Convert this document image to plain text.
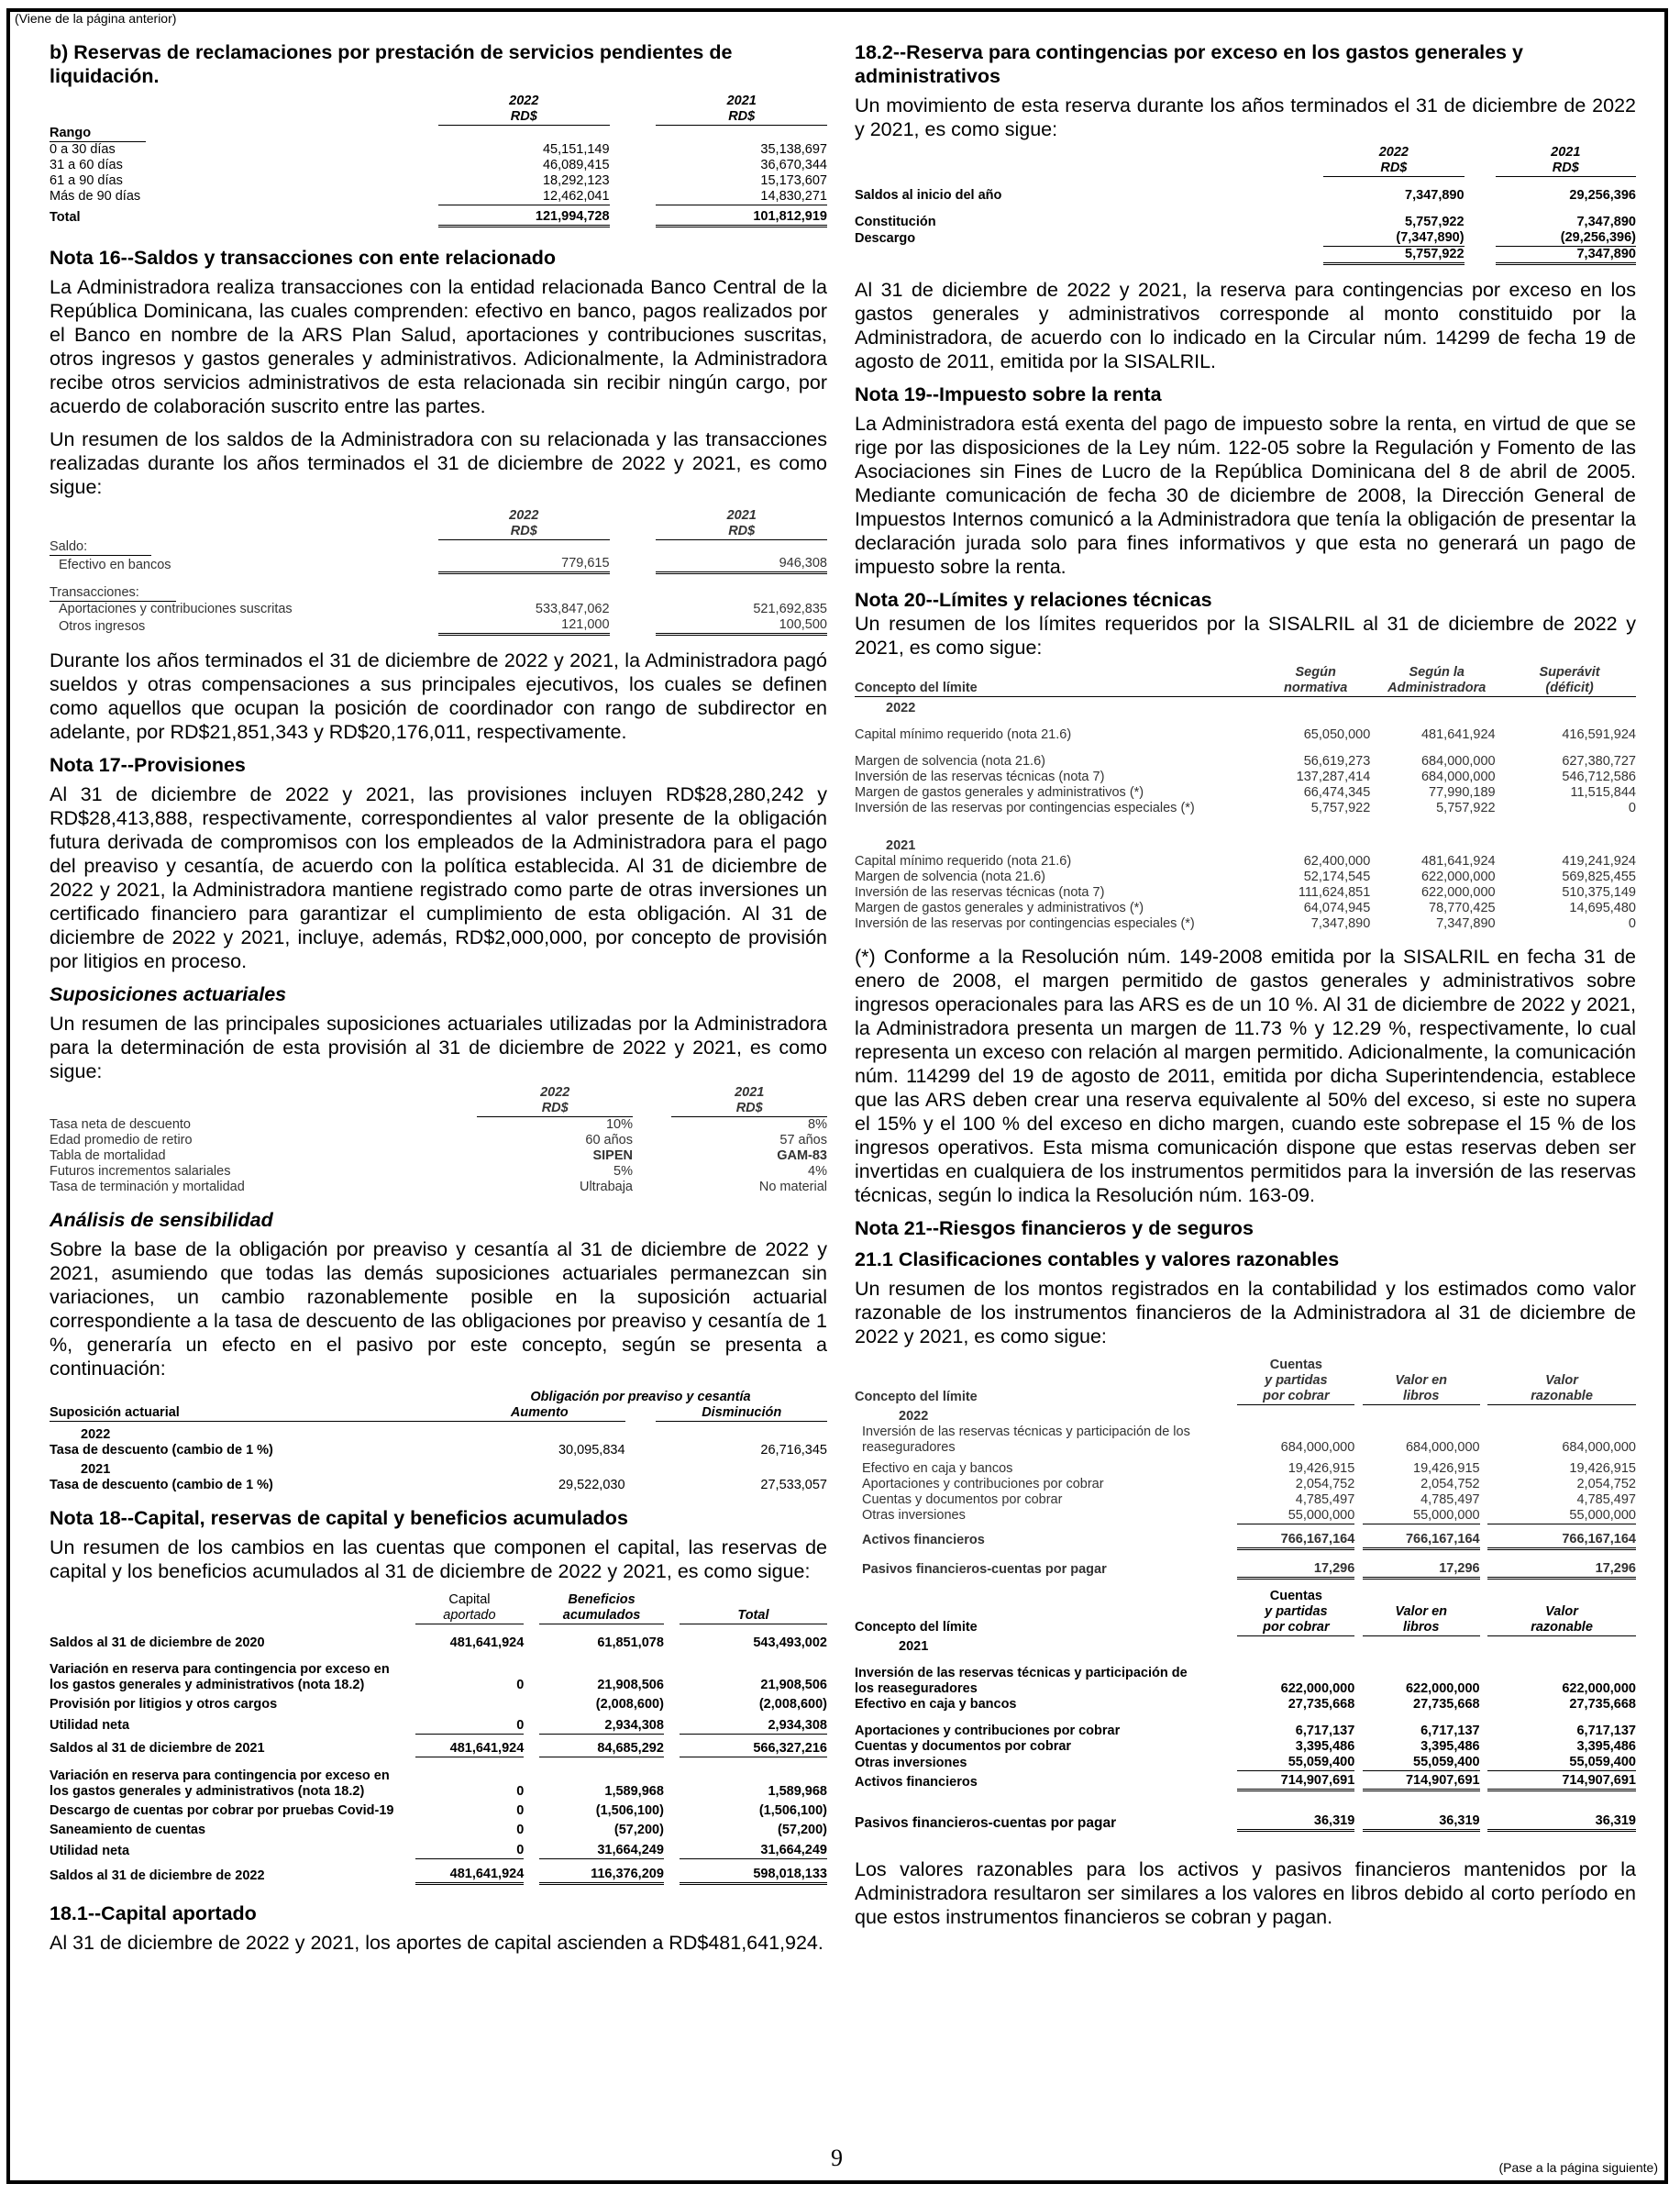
(Viene de la página anterior)
b) Reservas de reclamaciones por prestación de servicios pendientes de liquidación.
	2022		2021
	RD$		RD$
Rango			
0 a 30 días	45,151,149		35,138,697
31 a 60 días	46,089,415		36,670,344
61 a 90 días	18,292,123		15,173,607
Más de 90 días	12,462,041		14,830,271
Total	121,994,728		101,812,919
Nota 16--Saldos y transacciones con ente relacionado

La Administradora realiza transacciones con la entidad relacionada Banco Central de la República Dominicana, las cuales comprenden: efectivo en banco, pagos realizados por el Banco en nombre de la ARS Plan Salud, aportaciones y contribuciones suscritas, otros ingresos y gastos generales y administrativos. Adicionalmente, la Administradora recibe otros servicios administrativos de esta relacionada sin recibir ningún cargo, por acuerdo de colaboración suscrito entre las partes.

Un resumen de los saldos de la Administradora con su relacionada y las transacciones realizadas durante los años terminados el 31 de diciembre de 2022 y 2021, es como sigue:

	2022		2021
	RD$		RD$
Saldo:			
Efectivo en bancos	779,615		946,308

Transacciones:			
Aportaciones y contribuciones suscritas	533,847,062		521,692,835
Otros ingresos	121,000		100,500

Durante los años terminados el 31 de diciembre de 2022 y 2021, la Administradora pagó sueldos y otras compensaciones a sus principales ejecutivos, los cuales se definen como aquellos que ocupan la posición de coordinador con rango de subdirector en adelante, por RD$21,851,343 y RD$20,176,011, respectivamente.

Nota 17--Provisiones

Al 31 de diciembre de 2022 y 2021, las provisiones incluyen RD$28,280,242 y RD$28,413,888, respectivamente, correspondientes al valor presente de la obligación futura derivada de compromisos con los empleados de la Administradora para el pago del preaviso y cesantía, de acuerdo con la política establecida. Al 31 de diciembre de 2022 y 2021, la Administradora mantiene registrado como parte de otras inversiones un certificado financiero para garantizar el cumplimiento de esta obligación. Al 31 de diciembre de 2022 y 2021, incluye, además, RD$2,000,000, por concepto de provisión por litigios en proceso.

Suposiciones actuariales

Un resumen de las principales suposiciones actuariales utilizadas por la Administradora para la determinación de esta provisión al 31 de diciembre de 2022 y 2021, es como sigue:

	2022		2021
	RD$		RD$
Tasa neta de descuento	10%		8%
Edad promedio de retiro	60 años		57 años
Tabla de mortalidad	SIPEN		GAM-83
Futuros incrementos salariales	5%		4%
Tasa de terminación y mortalidad	Ultrabaja		No material
Análisis de sensibilidad

Sobre la base de la obligación por preaviso y cesantía al 31 de diciembre de 2022 y 2021, asumiendo que todas las demás suposiciones actuariales permanezcan sin variaciones, un cambio razonablemente posible en la suposición actuarial correspondiente a la tasa de descuento de las obligaciones por preaviso y cesantía de 1 %, generaría un efecto en el pasivo por este concepto, según se presenta a continuación:

	Obligación por preaviso y cesantía		
Suposición actuarial	Aumento		Disminución
2022			
Tasa de descuento (cambio de 1 %)	30,095,834		26,716,345
2021			
Tasa de descuento (cambio de 1 %)	29,522,030		27,533,057
Nota 18--Capital, reservas de capital y beneficios acumulados

Un resumen de los cambios en las cuentas que componen el capital, las reservas de capital y los beneficios acumulados al 31 de diciembre de 2022 y 2021, es como sigue:

	Capital		Beneficios		
	aportado		acumulados		Total

Saldos al 31 de diciembre de 2020	481,641,924		61,851,078		543,493,002

Variación en reserva para contingencia por exceso en los gastos generales y administrativos (nota 18.2)	0		21,908,506		21,908,506
Provisión por litigios y otros cargos			(2,008,600)		(2,008,600)
Utilidad neta	0		2,934,308		2,934,308
Saldos al 31 de diciembre de 2021	481,641,924		84,685,292		566,327,216

Variación en reserva para contingencia por exceso en los gastos generales y administrativos (nota 18.2)	0		1,589,968		1,589,968
Descargo de cuentas por cobrar por pruebas Covid-19	0		(1,506,100)		(1,506,100)
Saneamiento de cuentas	0		(57,200)		(57,200)
Utilidad neta	0		31,664,249		31,664,249
Saldos al 31 de diciembre de 2022	481,641,924		116,376,209		598,018,133
18.1--Capital aportado

Al 31 de diciembre de 2022 y 2021, los aportes de capital ascienden a RD$481,641,924.

18.2--Reserva para contingencias por exceso en los gastos generales y administrativos

Un movimiento de esta reserva durante los años terminados el 31 de diciembre de 2022 y 2021, es como sigue:

	2022		2021
	RD$		RD$

Saldos al inicio del año	7,347,890		29,256,396

Constitución	5,757,922		7,347,890
Descargo	(7,347,890)		(29,256,396)
	5,757,922		7,347,890

Al 31 de diciembre de 2022 y 2021, la reserva para contingencias por exceso en los gastos generales y administrativos corresponde al monto constituido por la Administradora, de acuerdo con lo indicado en la Circular núm. 14299 de fecha 19 de agosto de 2011, emitida por la SISALRIL.

Nota 19--Impuesto sobre la renta

La Administradora está exenta del pago de impuesto sobre la renta, en virtud de que se rige por las disposiciones de la Ley núm. 122-05 sobre la Regulación y Fomento de las Asociaciones sin Fines de Lucro de la República Dominicana del 8 de abril de 2005. Mediante comunicación de fecha 30 de diciembre de 2008, la Dirección General de Impuestos Internos comunicó a la Administradora que tenía la obligación de presentar la declaración jurada solo para fines informativos y que esta no generará un pago de impuesto sobre la renta.

Nota 20--Límites y relaciones técnicas

Un resumen de los límites requeridos por la SISALRIL al 31 de diciembre de 2022 y 2021, es como sigue:

	Según		Según la		Superávit
Concepto del límite	normativa		Administradora		(déficit)
2022					

Capital mínimo requerido (nota 21.6)	65,050,000		481,641,924		416,591,924

Margen de solvencia (nota 21.6)	56,619,273		684,000,000		627,380,727
Inversión de las reservas técnicas (nota 7)	137,287,414		684,000,000		546,712,586
Margen de gastos generales y administrativos (*)	66,474,345		77,990,189		11,515,844
Inversión de las reservas por contingencias especiales (*)	5,757,922		5,757,922		0

2021					
Capital mínimo requerido (nota 21.6)	62,400,000		481,641,924		419,241,924
Margen de solvencia (nota 21.6)	52,174,545		622,000,000		569,825,455
Inversión de las reservas técnicas (nota 7)	111,624,851		622,000,000		510,375,149
Margen de gastos generales y administrativos (*)	64,074,945		78,770,425		14,695,480
Inversión de las reservas por contingencias especiales (*)	7,347,890		7,347,890		0

(*) Conforme a la Resolución núm. 149-2008 emitida por la SISALRIL en fecha 31 de enero de 2008, el margen permitido de gastos generales y administrativos sobre ingresos operacionales para las ARS es de un 10 %. Al 31 de diciembre de 2022 y 2021, la Administradora presenta un margen de 11.73 % y 12.29 %, respectivamente, lo cual representa un exceso con relación al margen permitido. Adicionalmente, la comunicación núm. 114299 del 19 de agosto de 2011, emitida por dicha Superintendencia, establece que las ARS deben crear una reserva equivalente al 50% del exceso, si este no supera el 15% y el 100 % del exceso en dicho margen, cuando este sobrepase el 15 % de los ingresos operativos. Esta misma comunicación dispone que estas reservas deben ser invertidas en cualquiera de los instrumentos permitidos para la inversión de las reservas técnicas, según lo indica la Resolución núm. 163-09.

Nota 21--Riesgos financieros y de seguros
21.1 Clasificaciones contables y valores razonables

Un resumen de los montos registrados en la contabilidad y los estimados como valor razonable de los instrumentos financieros de la Administradora al 31 de diciembre de 2022 y 2021, es como sigue:

	Cuentas				
	y partidas		Valor en		Valor
Concepto del límite	por cobrar		libros		razonable
2022					
Inversión de las reservas técnicas y participación de los reaseguradores	684,000,000		684,000,000		684,000,000
Efectivo en caja y bancos	19,426,915		19,426,915		19,426,915
Aportaciones y contribuciones por cobrar	2,054,752		2,054,752		2,054,752
Cuentas y documentos por cobrar	4,785,497		4,785,497		4,785,497
Otras inversiones	55,000,000		55,000,000		55,000,000
Activos financieros	766,167,164		766,167,164		766,167,164

Pasivos financieros-cuentas por pagar	17,296		17,296		17,296
	Cuentas				
	y partidas		Valor en		Valor
Concepto del límite	por cobrar		libros		razonable
2021					

Inversión de las reservas técnicas y participación de los reaseguradores	622,000,000		622,000,000		622,000,000
Efectivo en caja y bancos	27,735,668		27,735,668		27,735,668

Aportaciones y contribuciones por cobrar	6,717,137		6,717,137		6,717,137
Cuentas y documentos por cobrar	3,395,486		3,395,486		3,395,486
Otras inversiones	55,059,400		55,059,400		55,059,400
Activos financieros	714,907,691		714,907,691		714,907,691

Pasivos financieros-cuentas por pagar	36,319		36,319		36,319

Los valores razonables para los activos y pasivos financieros mantenidos por la Administradora resultaron ser similares a los valores en libros debido al corto período en que estos instrumentos financieros se cobran y pagan.

9	(Pase a la página siguiente)
